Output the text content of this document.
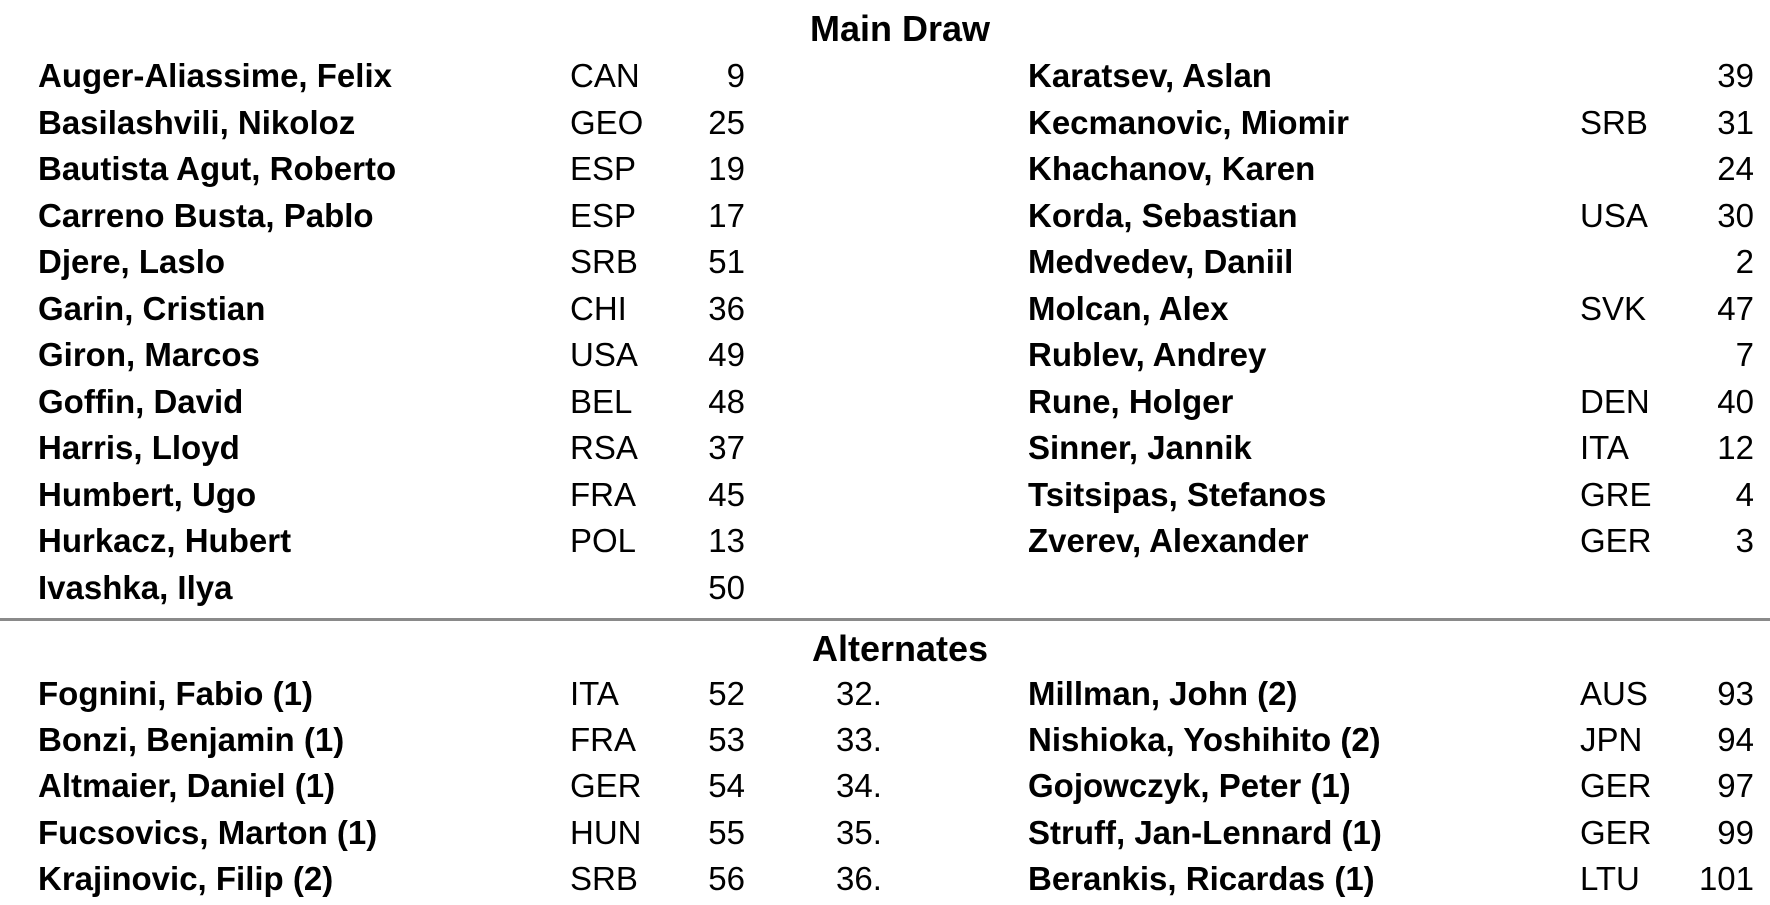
Main Draw
Auger-Aliassime, Felix	CAN	9	Karatsev, Aslan	39
Basilashvili, Nikoloz	GEO	25	Kecmanovic, Miomir	SRB	31
Bautista Agut, Roberto	ESP	19	Khachanov, Karen	24
Carreno Busta, Pablo	ESP	17	Korda, Sebastian	USA	30
Djere, Laslo	SRB	51	Medvedev, Daniil	2
Garin, Cristian	CHI	36	Molcan, Alex	SVK	47
Giron, Marcos	USA	49	Rublev, Andrey	7
Goffin, David	BEL	48	Rune, Holger	DEN	40
Harris, Lloyd	RSA	37	Sinner, Jannik	ITA	12
Humbert, Ugo	FRA	45	Tsitsipas, Stefanos	GRE	4
Hurkacz, Hubert	POL	13	Zverev, Alexander	GER	3
Ivashka, Ilya	50
Alternates
Fognini, Fabio (1)	ITA	52	32.	Millman, John (2)	AUS	93
Bonzi, Benjamin (1)	FRA	53	33.	Nishioka, Yoshihito (2)	JPN	94
Altmaier, Daniel (1)	GER	54	34.	Gojowczyk, Peter (1)	GER	97
Fucsovics, Marton (1)	HUN	55	35.	Struff, Jan-Lennard (1)	GER	99
Krajinovic, Filip (2)	SRB	56	36.	Berankis, Ricardas (1)	LTU 101
